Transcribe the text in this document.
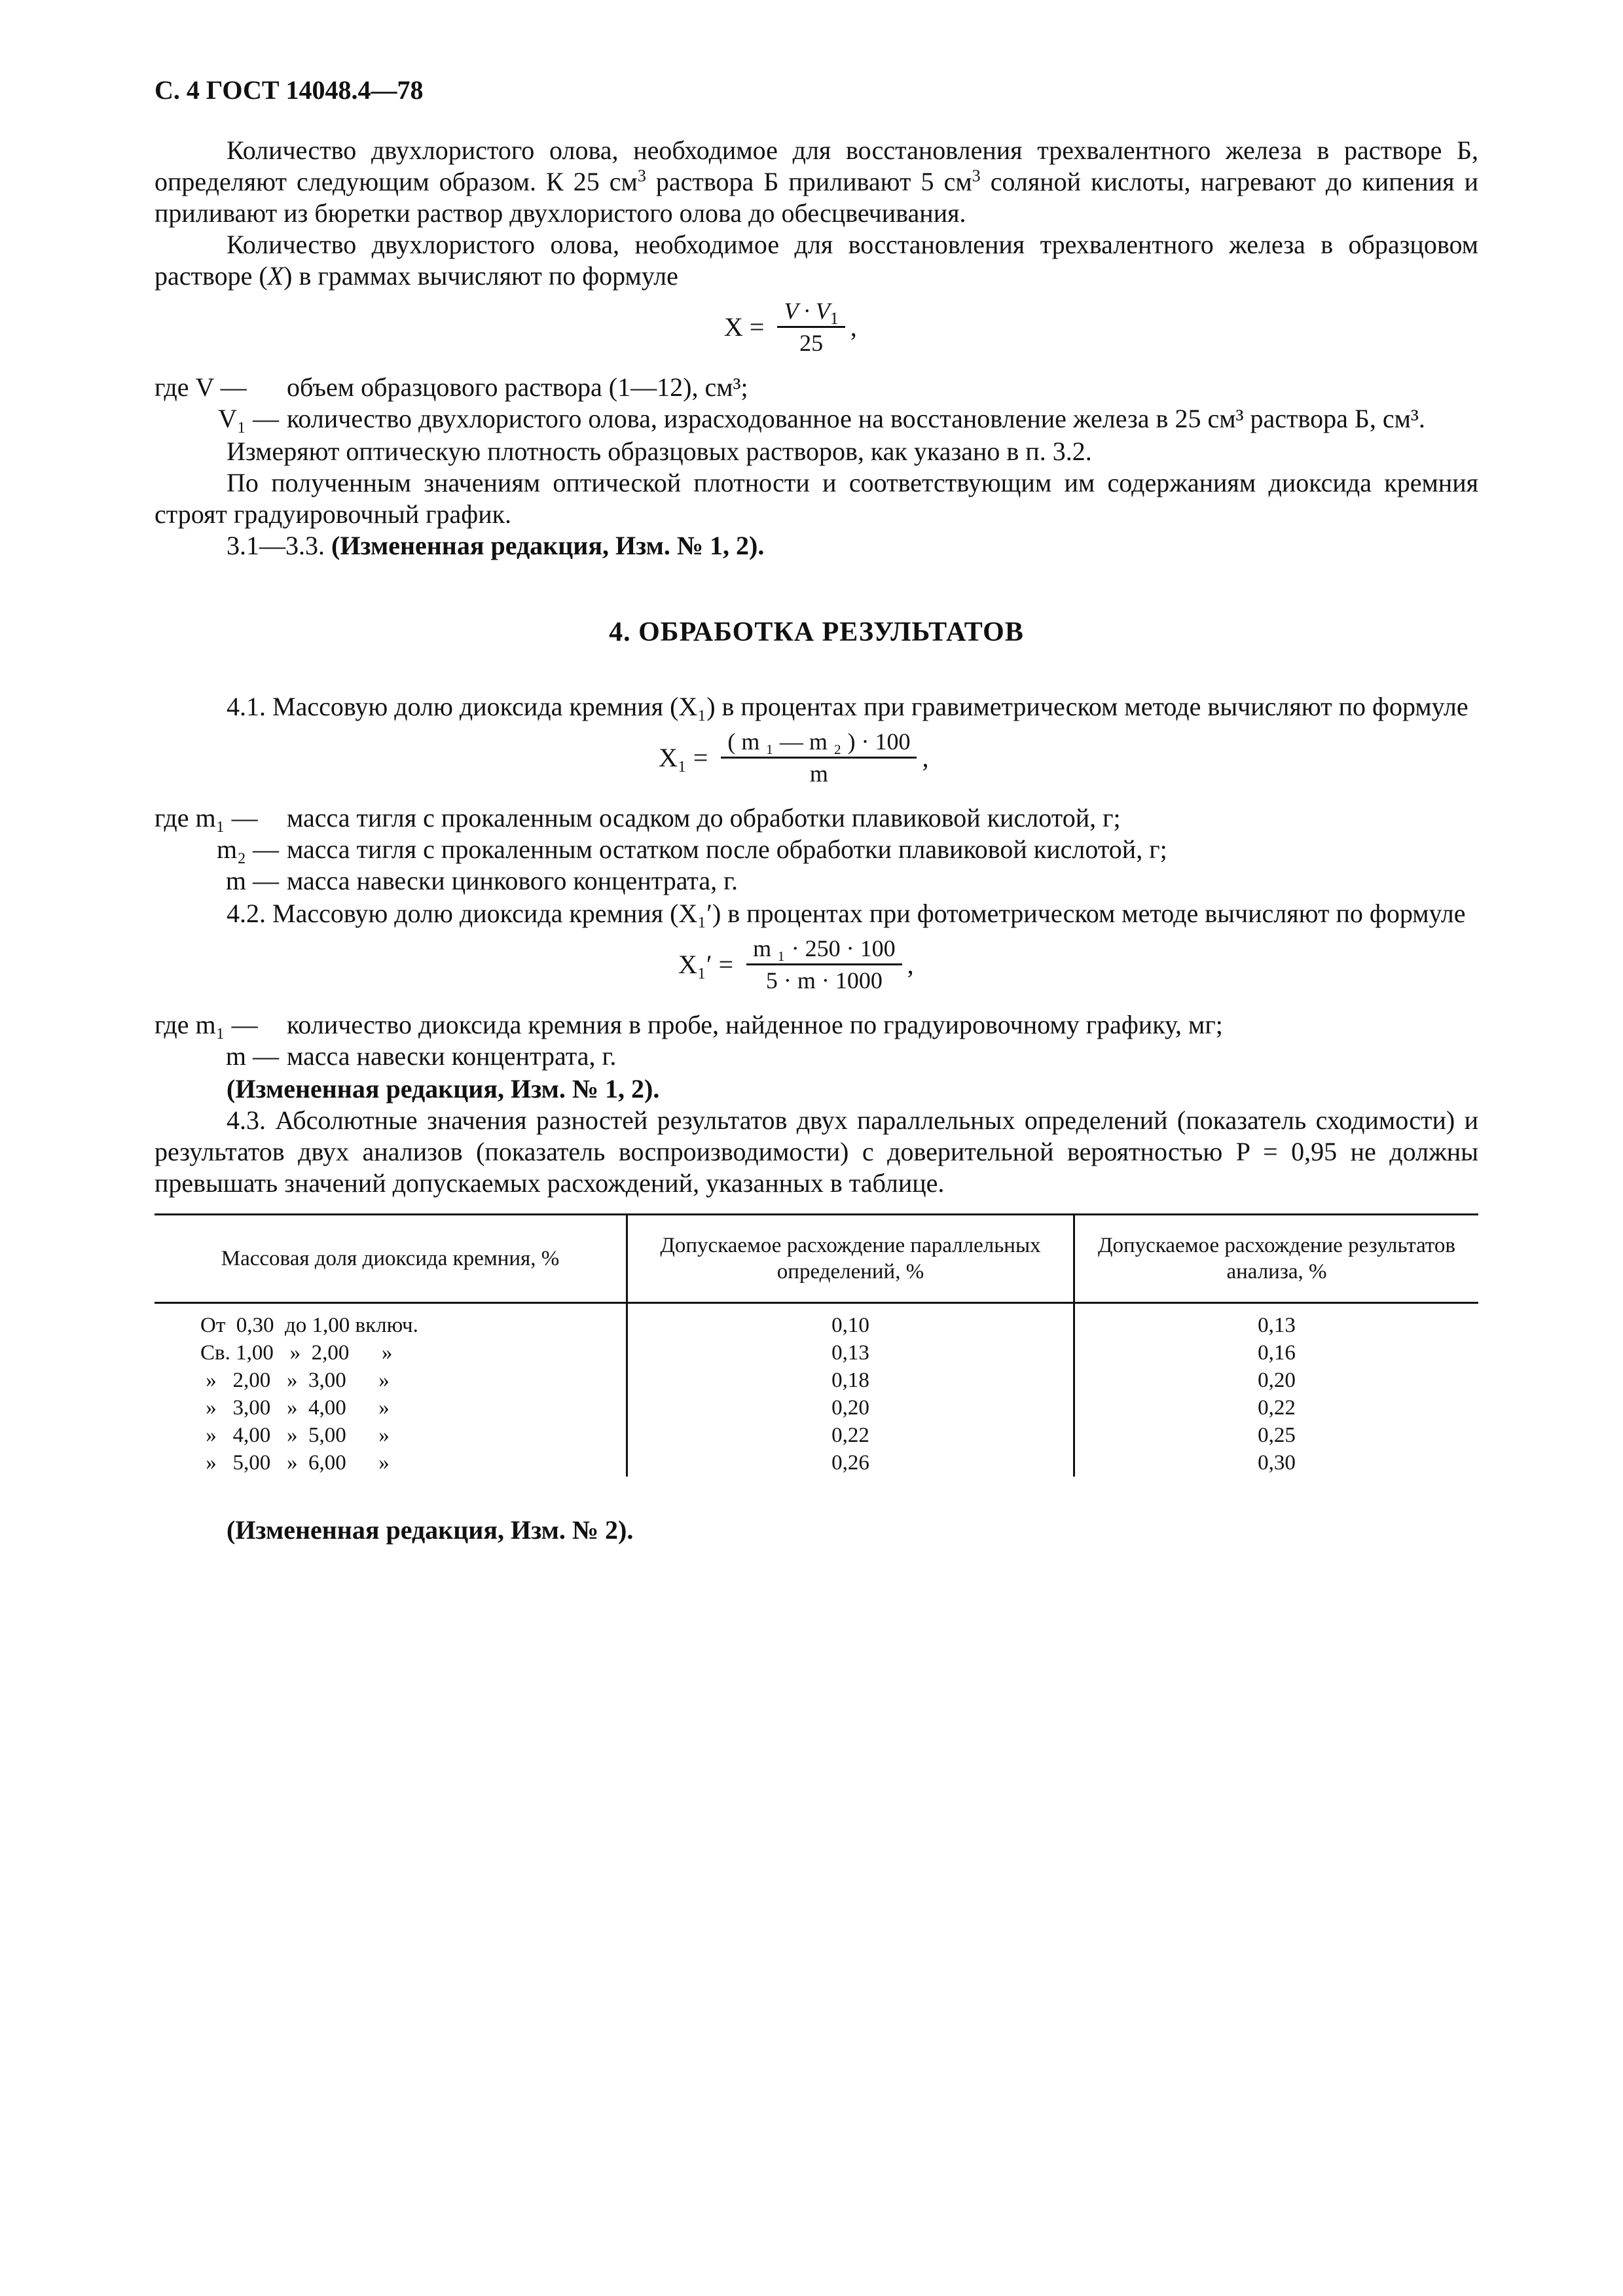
С. 4 ГОСТ 14048.4—78

Количество двухлористого олова, необходимое для восстановления трехвалентного железа в растворе Б, определяют следующим образом. К 25 $см^3$ раствора Б приливают 5 $см^3$ соляной кислоты, нагревают до кипения и приливают из бюретки раствор двухлористого олова до обесцвечивания.

Количество двухлористого олова, необходимое для восстановления трехвалентного железа в образцовом растворе (X) в граммах вычисляют по формуле

$X = \frac{V \cdot V_1}{25}$ ,
где V —	объем образцового раствора (1—12), см³;
V₁ — количество двухлористого олова, израсходованное на восстановление железа в 25 см³ раствора Б, см³.

Измеряют оптическую плотность образцовых растворов, как указано в п. 3.2.

По полученным значениям оптической плотности и соответствующим им содержаниям диоксида кремния строят градуировочный график.

3.1—3.3. (Измененная редакция, Изм. № 1, 2).

4. ОБРАБОТКА РЕЗУЛЬТАТОВ

4.1. Массовую долю диоксида кремния (X₁) в процентах при гравиметрическом методе вычисляют по формуле

$X_1 = \frac{\text{( m ₁ — m ₂ ) · 100}}{m}$ ,
где m₁ —	масса тигля с прокаленным осадком до обработки плавиковой кислотой, г;
m₂ — масса тигля с прокаленным остатком после обработки плавиковой кислотой, г;
m — масса навески цинкового концентрата, г.

4.2. Массовую долю диоксида кремния (X₁′) в процентах при фотометрическом методе вычисляют по формуле

$X_1' = \frac{\text{m ₁ · 250 · 100}}{5 \cdot m \cdot 1000}$ ,
где m₁ —	количество диоксида кремния в пробе, найденное по градуировочному графику, мг;
m — масса навески концентрата, г.

(Измененная редакция, Изм. № 1, 2).

4.3. Абсолютные значения разностей результатов двух параллельных определений (показатель сходимости) и результатов двух анализов (показатель воспроизводимости) с доверительной вероятностью P = 0,95 не должны превышать значений допускаемых расхождений, указанных в таблице.

Массовая доля диоксида кремния, %	Допускаемое расхождение параллельных определений, %	Допускаемое расхождение результатов анализа, %
От  0,30  до 1,00 включ.	0,10	0,13
Св. 1,00   »  2,00      »	0,13	0,16
»   2,00   »  3,00      »	0,18	0,20
»   3,00   »  4,00      »	0,20	0,22
»   4,00   »  5,00      »	0,22	0,25
»   5,00   »  6,00      »	0,26	0,30

(Измененная редакция, Изм. № 2).
